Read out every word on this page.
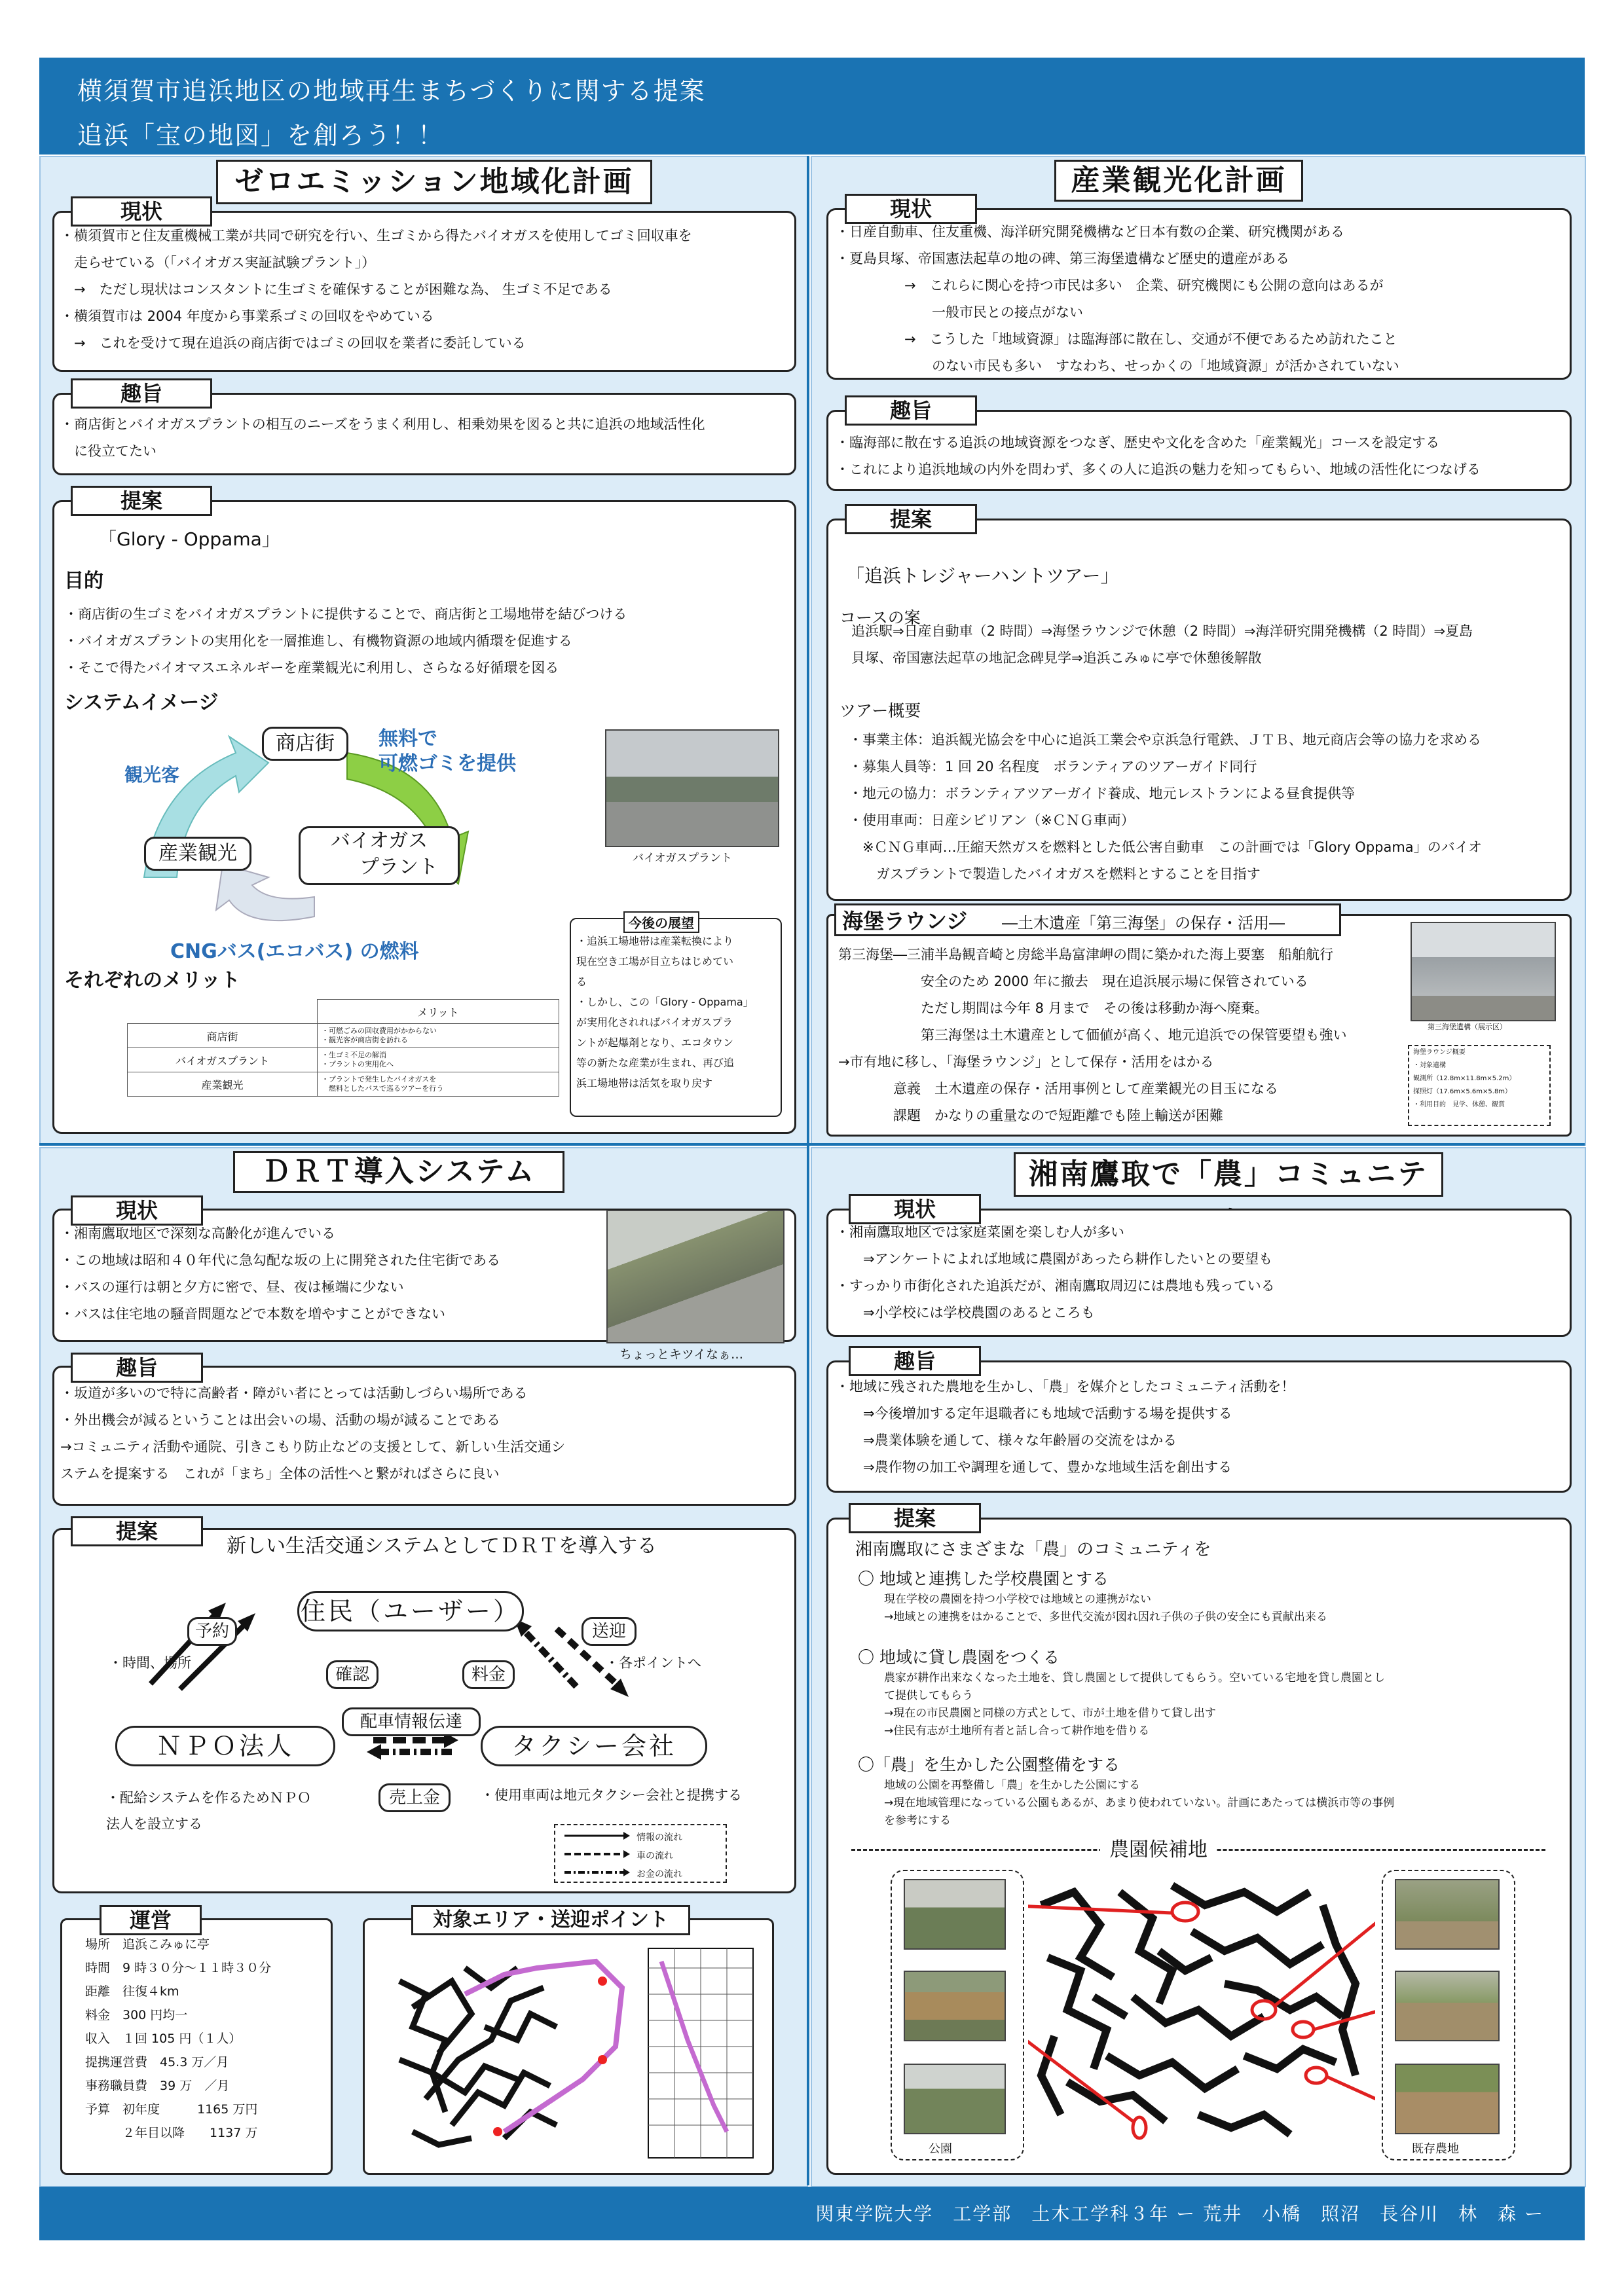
横須賀市追浜地区の地域再生まちづくりに関する提案
追浜「宝の地図」を創ろう！！
ゼロエミッション地域化計画
現状
・横須賀市と住友重機械工業が共同で研究を行い、生ゴミから得たバイオガスを使用してゴミ回収車を
　走らせている（「バイオガス実証試験プラント」）
　→　ただし現状はコンスタントに生ゴミを確保することが困難な為、 生ゴミ不足である
・横須賀市は 2004 年度から事業系ゴミの回収をやめている
　→　これを受けて現在追浜の商店街ではゴミの回収を業者に委託している
趣旨
・商店街とバイオガスプラントの相互のニーズをうまく利用し、相乗効果を図ると共に追浜の地域活性化
　に役立てたい
提案
「Glory - Oppama」
目的
・商店街の生ゴミをバイオガスプラントに提供することで、商店街と工場地帯を結びつける
・バイオガスプラントの実用化を一層推進し、有機物資源の地域内循環を促進する
・そこで得たバイオマスエネルギーを産業観光に利用し、さらなる好循環を図る
システムイメージ
商店街
バイオガス
　　プラント
産業観光
観光客
無料で
可燃ゴミを提供
CNGバス(エコバス) の燃料
バイオガスプラント
それぞれのメリット
	メリット
商店街	・可燃ごみの回収費用がかからない
・観光客が商店街を訪れる
バイオガスプラント	・生ゴミ不足の解消
・プラントの実用化へ
産業観光	・プラントで発生したバイオガスを
　燃料としたバスで巡るツアーを行う
今後の展望
・追浜工場地帯は産業転換により
現在空き工場が目立ちはじめてい
る
・しかし、この「Glory - Oppama」
が実用化されればバイオガスプラ
ントが起爆剤となり、エコタウン
等の新たな産業が生まれ、再び追
浜工場地帯は活気を取り戻す
産業観光化計画
現状
・日産自動車、住友重機、海洋研究開発機構など日本有数の企業、研究機関がある
・夏島貝塚、帝国憲法起草の地の碑、第三海堡遺構など歴史的遺産がある
　　　　　→　これらに関心を持つ市民は多い　企業、研究機関にも公開の意向はあるが
　　　　　　　一般市民との接点がない
　　　　　→　こうした「地域資源」は臨海部に散在し、交通が不便であるため訪れたこと
　　　　　　　のない市民も多い　すなわち、せっかくの「地域資源」が活かされていない
趣旨
・臨海部に散在する追浜の地域資源をつなぎ、歴史や文化を含めた「産業観光」コースを設定する
・これにより追浜地域の内外を問わず、多くの人に追浜の魅力を知ってもらい、地域の活性化につなげる
提案
「追浜トレジャーハントツアー」
コースの案
追浜駅⇒日産自動車（2 時間）⇒海堡ラウンジで休憩（2 時間）⇒海洋研究開発機構（2 時間）⇒夏島
貝塚、帝国憲法起草の地記念碑見学⇒追浜こみゅに亭で休憩後解散
ツアー概要
・事業主体：追浜観光協会を中心に追浜工業会や京浜急行電鉄、ＪＴＢ、地元商店会等の協力を求める
・募集人員等：1 回 20 名程度　ボランティアのツアーガイド同行
・地元の協力：ボランティアツアーガイド養成、地元レストランによる昼食提供等
・使用車両：日産シビリアン（※ＣＮＧ車両）
　※ＣＮＧ車両…圧縮天然ガスを燃料とした低公害自動車　この計画では「Glory Oppama」のバイオ
　　ガスプラントで製造したバイオガスを燃料とすることを目指す
海堡ラウンジ ―土木遺産「第三海堡」の保存・活用―
第三海堡―三浦半島観音崎と房総半島富津岬の間に築かれた海上要塞　船舶航行
　　　　　　安全のため 2000 年に撤去　現在追浜展示場に保管されている
　　　　　　ただし期間は今年 8 月まで　その後は移動か海へ廃棄。
　　　　　　第三海堡は土木遺産として価値が高く、地元追浜での保管要望も強い
→市有地に移し、「海堡ラウンジ」として保存・活用をはかる
　　　　意義　土木遺産の保存・活用事例として産業観光の目玉になる
　　　　課題　かなりの重量なので短距離でも陸上輸送が困難
第三海堡遺構（展示区）
海堡ラウンジ概要
・対象遺構
観測所（12.8m×11.8m×5.2m）
探照灯（17.6m×5.6m×5.8m）
・利用目的　見学、休憩、観賞
ＤＲＴ導入システム
現状
・湘南鷹取地区で深刻な高齢化が進んでいる
・この地域は昭和４０年代に急勾配な坂の上に開発された住宅街である
・バスの運行は朝と夕方に密で、昼、夜は極端に少ない
・バスは住宅地の騒音問題などで本数を増やすことができない
ちょっとキツイなぁ…

趣旨
・坂道が多いので特に高齢者・障がい者にとっては活動しづらい場所である
・外出機会が減るということは出会いの場、活動の場が減ることである
→コミュニティ活動や通院、引きこもり防止などの支援として、新しい生活交通シ
ステムを提案する　これが「まち」全体の活性へと繋がればさらに良い
提案
新しい生活交通システムとしてＤＲＴを導入する
住民（ユーザー）
ＮＰＯ法人	タクシー会社
予約
確認	料金
送迎
配車情報伝達
売上金
・時間、場所	・各ポイントへ
・配給システムを作るためＮＰＯ
法人を設立する
・使用車両は地元タクシー会社と提携する
情報の流れ
車の流れ
お金の流れ
運営
場所　追浜こみゅに亭
時間　9 時３０分～１１時３０分
距離　往復４km
料金　300 円均一
収入　１回 105 円（１人）
提携運営費　45.3 万／月
事務職員費　39 万　／月
予算　初年度　　　1165 万円
　　　２年目以降　　1137 万
対象エリア・送迎ポイント
湘南鷹取で「農」コミュニテ
現状
・湘南鷹取地区では家庭菜園を楽しむ人が多い
　　⇒アンケートによれば地域に農園があったら耕作したいとの要望も
・すっかり市街化された追浜だが、湘南鷹取周辺には農地も残っている
　　⇒小学校には学校農園のあるところも
趣旨
・地域に残された農地を生かし、「農」を媒介としたコミュニティ活動を！
　　⇒今後増加する定年退職者にも地域で活動する場を提供する
　　⇒農業体験を通して、様々な年齢層の交流をはかる
　　⇒農作物の加工や調理を通して、豊かな地域生活を創出する
提案
湘南鷹取にさまざまな「農」のコミュニティを
〇 地域と連携した学校農園とする
現在学校の農園を持つ小学校では地域との連携がない
→地域との連携をはかることで、多世代交流が図れ因れ子供の子供の安全にも貢献出来る
〇 地域に貸し農園をつくる
農家が耕作出来なくなった土地を、貸し農園として提供してもらう。空いている宅地を貸し農園とし
て提供してもらう
→現在の市民農園と同様の方式として、市が土地を借りて貸し出す
→住民有志が土地所有者と話し合って耕作地を借りる
〇「農」を生かした公園整備をする
地域の公園を再整備し「農」を生かした公園にする
→現在地域管理になっている公園もあるが、あまり使われていない。計画にあたっては横浜市等の事例
を参考にする
農園候補地
公園	既存農地
関東学院大学　工学部　土木工学科３年 ー 荒井　小橋　照沼　長谷川　林　森 ー
